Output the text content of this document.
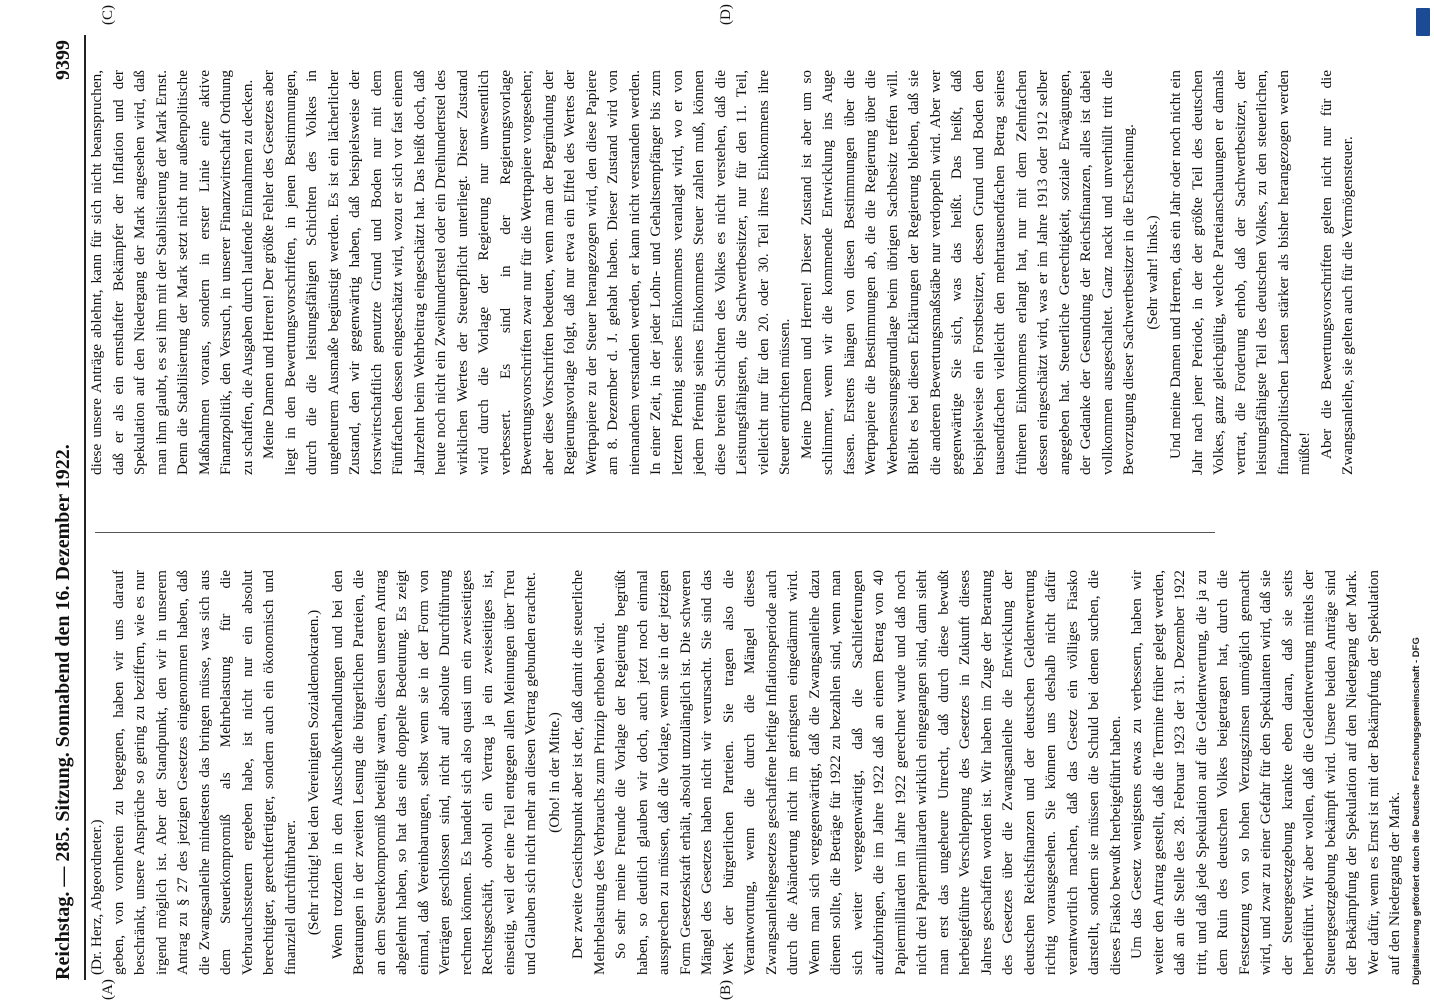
Reichstag. — 285. Sitzung. Sonnabend den 16. Dezember 1922.
9399
(A)	(B)
(C)	(D)

(Dr. Herz, Abgeordneter.) geben, von vornherein zu begegnen, haben wir uns darauf beschränkt, unsere Ansprüche so gering zu beziffern, wie es nur irgend möglich ist. Aber der Standpunkt, den wir in unserem Antrag zu § 27 des jetzigen Gesetzes eingenommen haben, daß die Zwangsanleihe mindestens das bringen müsse, was sich aus dem Steuerkompromiß als Mehrbelastung für die Verbrauchssteuern ergeben habe, ist nicht nur ein absolut berechtigter, gerechtfertigter, sondern auch ein ökonomisch und finanziell durchführbarer. (Sehr richtig! bei den Vereinigten Sozialdemokraten.) Wenn trotzdem in den Ausschußverhandlungen und bei den Beratungen in der zweiten Lesung die bürgerlichen Parteien, die an dem Steuerkompromiß beteiligt waren, diesen unseren Antrag abgelehnt haben, so hat das eine doppelte Bedeutung. Es zeigt einmal, daß Vereinbarungen, selbst wenn sie in der Form von Verträgen geschlossen sind, nicht auf absolute Durchführung rechnen können. Es handelt sich also quasi um ein zweiseitiges Rechtsgeschäft, obwohl ein Vertrag ja ein zweiseitiges ist, einseitig, weil der eine Teil entgegen allen Meinungen über Treu und Glauben sich nicht mehr an diesen Vertrag gebunden erachtet. (Oho! in der Mitte.) Der zweite Gesichtspunkt aber ist der, daß damit die steuerliche Mehrbelastung des Verbrauchs zum Prinzip erhoben wird. So sehr meine Freunde die Vorlage der Regierung begrüßt haben, so deutlich glauben wir doch, auch jetzt noch einmal aussprechen zu müssen, daß die Vorlage, wenn sie in der jetzigen Form Gesetzeskraft erhält, absolut unzulänglich ist. Die schweren Mängel des Gesetzes haben nicht wir verursacht. Sie sind das Werk der bürgerlichen Parteien. Sie tragen also die Verantwortung, wenn die durch die Mängel dieses Zwangsanleihegesetzes geschaffene heftige Inflationsperiode auch durch die Abänderung nicht im geringsten eingedämmt wird. Wenn man sich vergegenwärtigt, daß die Zwangsanleihe dazu dienen sollte, die Beträge für 1922 zu bezahlen sind, wenn man sich weiter vergegenwärtigt, daß die Sachlieferungen aufzubringen, die im Jahre 1922 daß an einem Betrag von 40 Papiermilliarden im Jahre 1922 gerechnet wurde und daß noch nicht drei Papiermilliarden wirklich eingegangen sind, dann sieht man erst das ungeheure Unrecht, daß durch diese bewußt herbeigeführte Verschleppung des Gesetzes in Zukunft dieses Jahres geschaffen worden ist. Wir haben im Zuge der Beratung des Gesetzes über die Zwangsanleihe die Entwicklung der deutschen Reichsfinanzen und der deutschen Geldentwertung richtig vorausgesehen. Sie können uns deshalb nicht dafür verantwortlich machen, daß das Gesetz ein völliges Fiasko darstellt, sondern sie müssen die Schuld bei denen suchen, die dieses Fiasko bewußt herbeigeführt haben. Um das Gesetz wenigstens etwas zu verbessern, haben wir weiter den Antrag gestellt, daß die Termine früher gelegt werden, daß an die Stelle des 28. Februar 1923 der 31. Dezember 1922 tritt, und daß jede Spekulation auf die Geldentwertung, die ja zu dem Ruin des deutschen Volkes beigetragen hat, durch die Festsetzung von so hohen Verzugszinsen unmöglich gemacht wird, und zwar zu einer Gefahr für den Spekulanten wird, daß sie der Steuergesetzgebung krankte eben daran, daß sie seits herbeiführt. Wir aber wollen, daß die Geldentwertung mittels der Steuergesetzgebung bekämpft wird. Unsere beiden Anträge sind der Bekämpfung der Spekulation auf den Niedergang der Mark. Wer dafür, wenn es Ernst ist mit der Bekämpfung der Spekulation auf den Niedergang der Mark.

diese unsere Anträge ablehnt, kann für sich nicht beanspruchen, daß er als ein ernsthafter Bekämpfer der Inflation und der Spekulation auf den Niedergang der Mark angesehen wird, daß man ihm glaubt, es sei ihm mit der Stabilisierung der Mark Ernst. Denn die Stabilisierung der Mark setzt nicht nur außenpolitische Maßnahmen voraus, sondern in erster Linie eine aktive Finanzpolitik, den Versuch, in unserer Finanzwirtschaft Ordnung zu schaffen, die Ausgaben durch laufende Einnahmen zu decken. Meine Damen und Herren! Der größte Fehler des Gesetzes aber liegt in den Bewertungsvorschriften, in jenen Bestimmungen, durch die die leistungsfähigen Schichten des Volkes in ungeheurem Ausmaße begünstigt werden. Es ist ein lächerlicher Zustand, den wir gegenwärtig haben, daß beispielsweise der forstwirtschaftlich genutzte Grund und Boden nur mit dem Fünffachen dessen eingeschätzt wird, wozu er sich vor fast einem Jahrzehnt beim Wehrbeitrag eingeschätzt hat. Das heißt doch, daß heute noch nicht ein Zweihundertstel oder ein Dreihundertstel des wirklichen Wertes der Steuerpflicht unterliegt. Dieser Zustand wird durch die Vorlage der Regierung nur unwesentlich verbessert. Es sind in der Regierungsvorlage Bewertungsvorschriften zwar nur für die Wertpapiere vorgesehen; aber diese Vorschriften bedeuten, wenn man der Begründung der Regierungsvorlage folgt, daß nur etwa ein Elftel des Wertes der Wertpapiere zu der Steuer herangezogen wird, den diese Papiere am 8. Dezember d. J. gehabt haben. Dieser Zustand wird von niemandem verstanden werden, er kann nicht verstanden werden. In einer Zeit, in der jeder Lohn- und Gehaltsempfänger bis zum letzten Pfennig seines Einkommens veranlagt wird, wo er von jedem Pfennig seines Einkommens Steuer zahlen muß, können diese breiten Schichten des Volkes es nicht verstehen, daß die Leistungsfähigsten, die Sachwertbesitzer, nur für den 11. Teil, vielleicht nur für den 20. oder 30. Teil ihres Einkommens ihre Steuer entrichten müssen. Meine Damen und Herren! Dieser Zustand ist aber um so schlimmer, wenn wir die kommende Entwicklung ins Auge fassen. Erstens hängen von diesen Bestimmungen über die Wertpapiere die Bestimmungen ab, die die Regierung über die Werbemessungsgrundlage beim übrigen Sachbesitz treffen will. Bleibt es bei diesen Erklärungen der Regierung bleiben, daß sie die anderen Bewertungsmaßstäbe nur verdoppeln wird. Aber wer gegenwärtige Sie sich, was das heißt. Das heißt, daß beispielsweise ein Forstbesitzer, dessen Grund und Boden den tausendfachen vielleicht den mehrtausendfachen Betrag seines früheren Einkommens erlangt hat, nur mit dem Zehnfachen dessen eingeschätzt wird, was er im Jahre 1913 oder 1912 selber angegeben hat. Steuerliche Gerechtigkeit, soziale Erwägungen, der Gedanke der Gesundung der Reichsfinanzen, alles ist dabei vollkommen ausgeschaltet. Ganz nackt und unverhüllt tritt die Bevorzugung dieser Sachwertbesitzer in die Erscheinung. (Sehr wahr! links.) Und meine Damen und Herren, das ein Jahr oder noch nicht ein Jahr nach jener Periode, in der der größte Teil des deutschen Volkes, ganz gleichgültig, welche Parteianschauungen er damals vertrat, die Forderung erhob, daß der Sachwertbesitzer, der leistungsfähigste Teil des deutschen Volkes, zu den steuerlichen, finanzpolitischen Lasten stärker als bisher herangezogen werden müßte! Aber die Bewertungsvorschriften gelten nicht nur für die Zwangsanleihe, sie gelten auch für die Vermögensteuer.

Digitalisierung gefördert durch die Deutsche Forschungsgemeinschaft - DFG
